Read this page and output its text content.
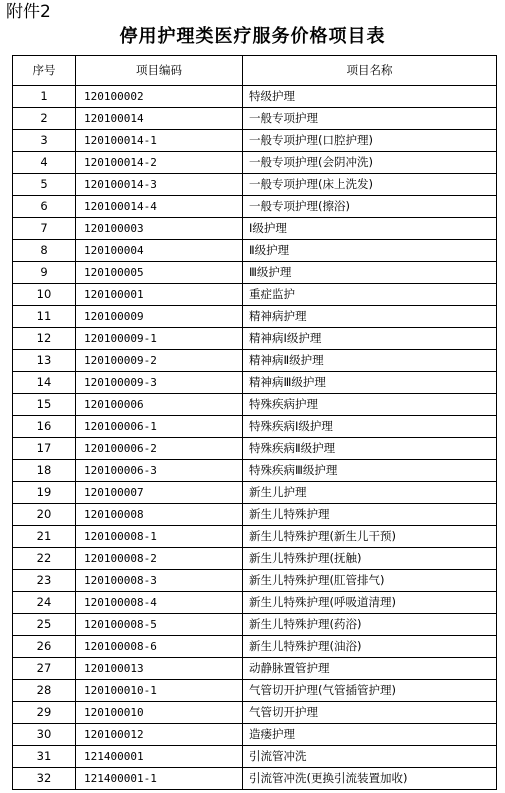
附件2
停用护理类医疗服务价格项目表
序号	项目编码	项目名称
1	120100002	特级护理
2	120100014	一般专项护理
3	120100014-1	一般专项护理(口腔护理)
4	120100014-2	一般专项护理(会阴冲洗)
5	120100014-3	一般专项护理(床上洗发)
6	120100014-4	一般专项护理(擦浴)
7	120100003	Ⅰ级护理
8	120100004	Ⅱ级护理
9	120100005	Ⅲ级护理
10	120100001	重症监护
11	120100009	精神病护理
12	120100009-1	精神病Ⅰ级护理
13	120100009-2	精神病Ⅱ级护理
14	120100009-3	精神病Ⅲ级护理
15	120100006	特殊疾病护理
16	120100006-1	特殊疾病Ⅰ级护理
17	120100006-2	特殊疾病Ⅱ级护理
18	120100006-3	特殊疾病Ⅲ级护理
19	120100007	新生儿护理
20	120100008	新生儿特殊护理
21	120100008-1	新生儿特殊护理(新生儿干预)
22	120100008-2	新生儿特殊护理(抚触)
23	120100008-3	新生儿特殊护理(肛管排气)
24	120100008-4	新生儿特殊护理(呼吸道清理)
25	120100008-5	新生儿特殊护理(药浴)
26	120100008-6	新生儿特殊护理(油浴)
27	120100013	动静脉置管护理
28	120100010-1	气管切开护理(气管插管护理)
29	120100010	气管切开护理
30	120100012	造瘘护理
31	121400001	引流管冲洗
32	121400001-1	引流管冲洗(更换引流装置加收)
